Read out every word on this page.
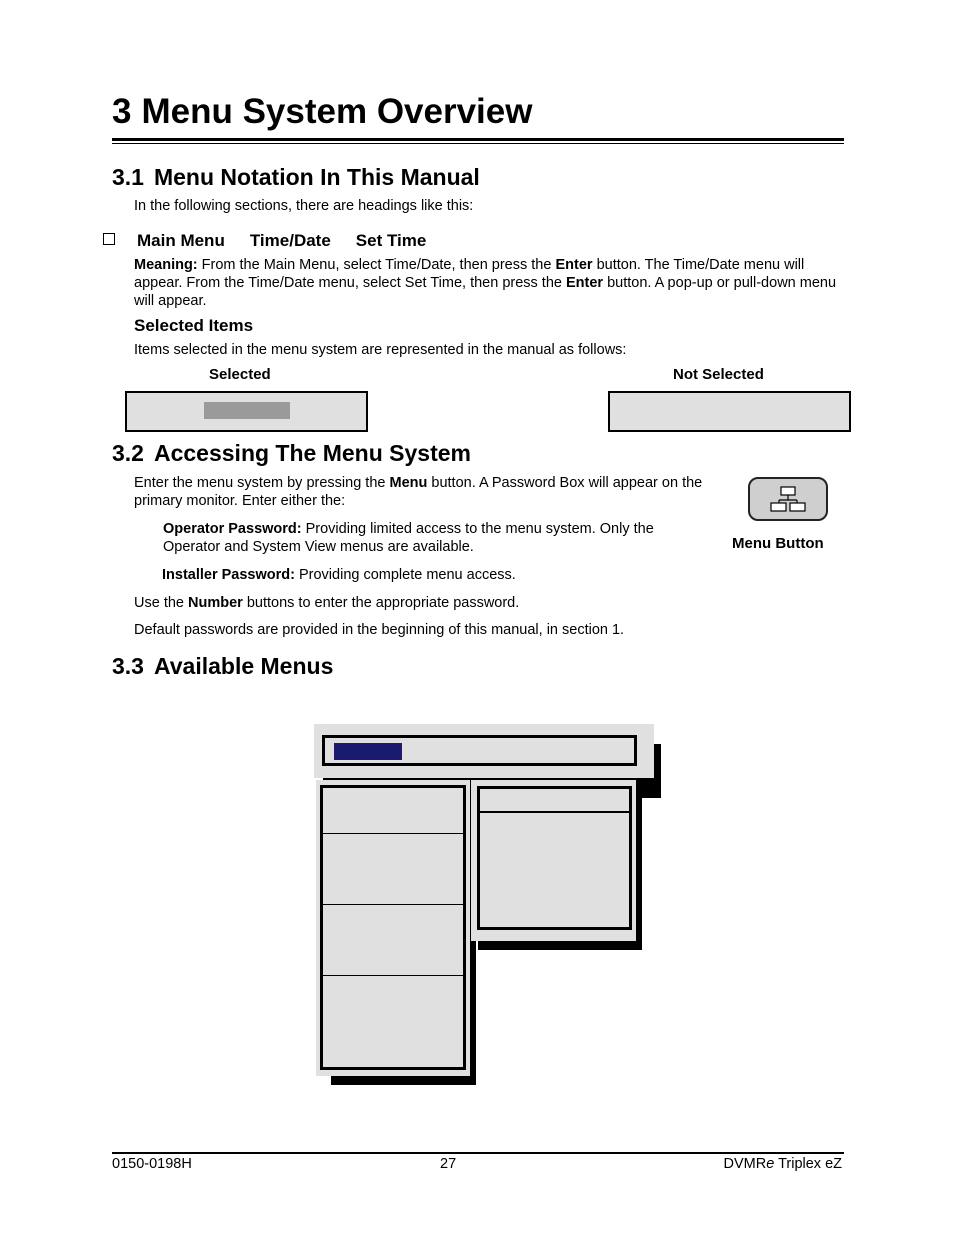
3 Menu System Overview
3.1 Menu Notation In This Manual
In the following sections, there are headings like this:
Main Menu Time/Date Set Time
Meaning: From the Main Menu, select Time/Date, then press the Enter button. The Time/Date menu will appear. From the Time/Date menu, select Set Time, then press the Enter button. A pop-up or pull-down menu will appear.
Selected Items
Items selected in the menu system are represented in the manual as follows:
Selected	Not Selected
3.2 Accessing The Menu System
Enter the menu system by pressing the Menu button. A Password Box will appear on the primary monitor. Enter either the:
Operator Password: Providing limited access to the menu system. Only the Operator and System View menus are available.
Installer Password: Providing complete menu access.
Use the Number buttons to enter the appropriate password.
Default passwords are provided in the beginning of this manual, in section 1.
Menu Button
3.3 Available Menus
0150-0198H	27	DVMRe Triplex eZ
